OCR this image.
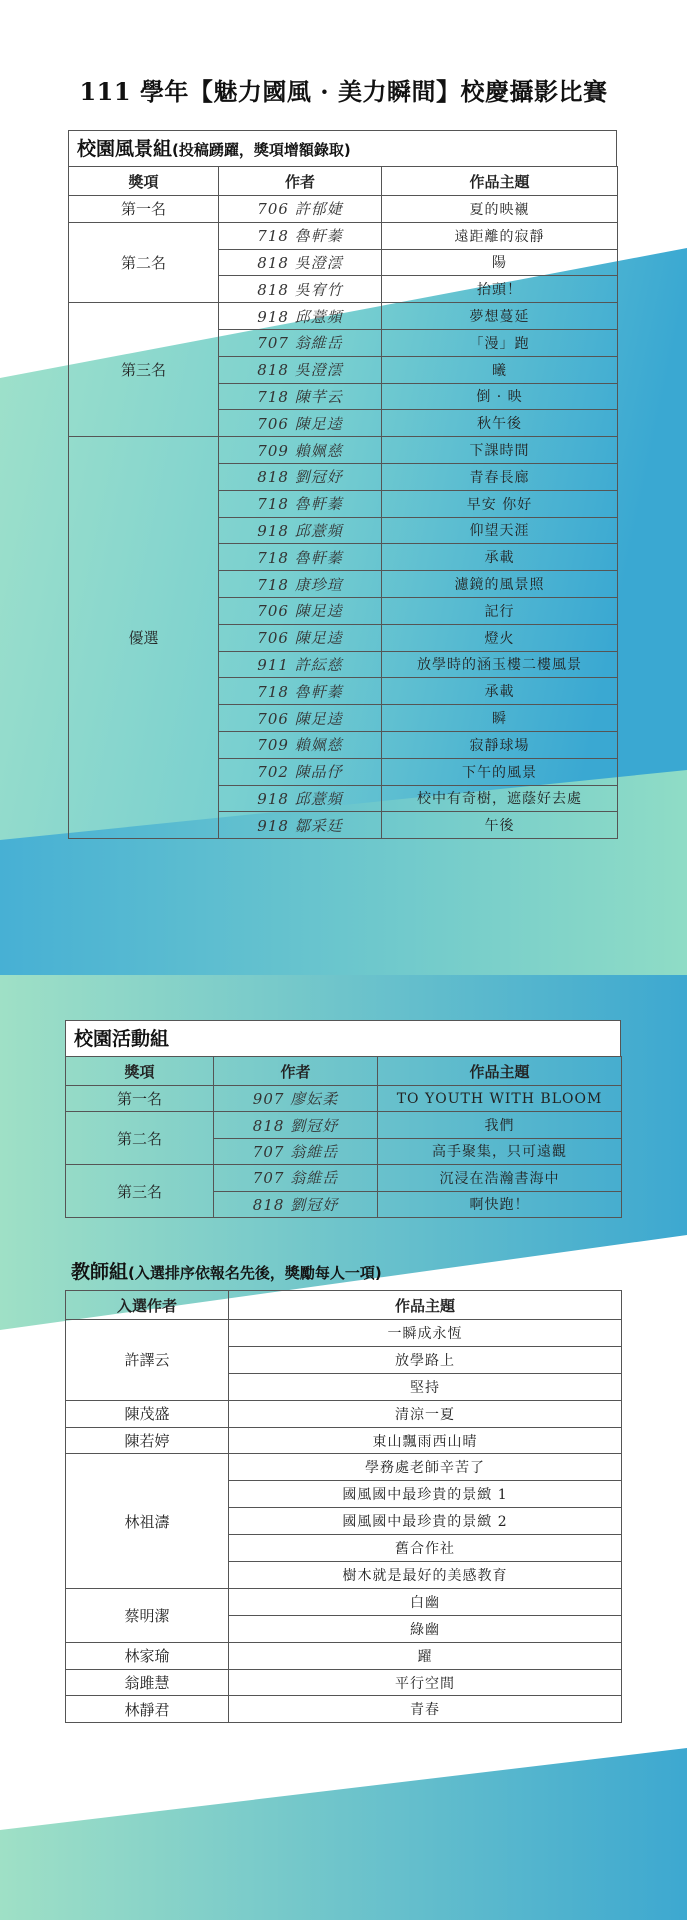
111 學年【魅力國風 · 美力瞬間】校慶攝影比賽
校園風景組(投稿踴躍，獎項增額錄取)
獎項	作者	作品主題
第一名	706 許郁婕	夏的映襯
第二名	718 魯軒蓁	遠距離的寂靜
	818 吳澄澐	陽
	818 吳宥竹	抬頭！
第三名	918 邱薏頻	夢想蔓延
	707 翁維岳	「漫」跑
	818 吳澄澐	曦
	718 陳芊云	倒 · 映
	706 陳足逵	秋午後
優選	709 賴姵慈	下課時間
	818 劉冠妤	青春長廊
	718 魯軒蓁	早安 你好
	918 邱薏頻	仰望天涯
	718 魯軒蓁	承載
	718 康珍瑄	濾鏡的風景照
	706 陳足逵	記行
	706 陳足逵	燈火
	911 許紜慈	放學時的涵玉樓二樓風景
	718 魯軒蓁	承載
	706 陳足逵	瞬
	709 賴姵慈	寂靜球場
	702 陳品伃	下午的風景
	918 邱薏頻	校中有奇樹，遮蔭好去處
	918 鄒采廷	午後
校園活動組
獎項	作者	作品主題
第一名	907 廖妘柔	TO YOUTH WITH BLOOM
第二名	818 劉冠妤	我們
	707 翁維岳	高手聚集，只可遠觀
第三名	707 翁維岳	沉浸在浩瀚書海中
	818 劉冠妤	啊快跑！
教師組(入選排序依報名先後，獎勵每人一項)
入選作者	作品主題
許譯云	一瞬成永恆
	放學路上
	堅持
陳茂盛	清涼一夏
陳若婷	東山飄雨西山晴
林祖濤	學務處老師辛苦了
	國風國中最珍貴的景緻 1
	國風國中最珍貴的景緻 2
	舊合作社
	樹木就是最好的美感教育
蔡明潔	白幽
	綠幽
林家瑜	躍
翁雎慧	平行空間
林靜君	青春
